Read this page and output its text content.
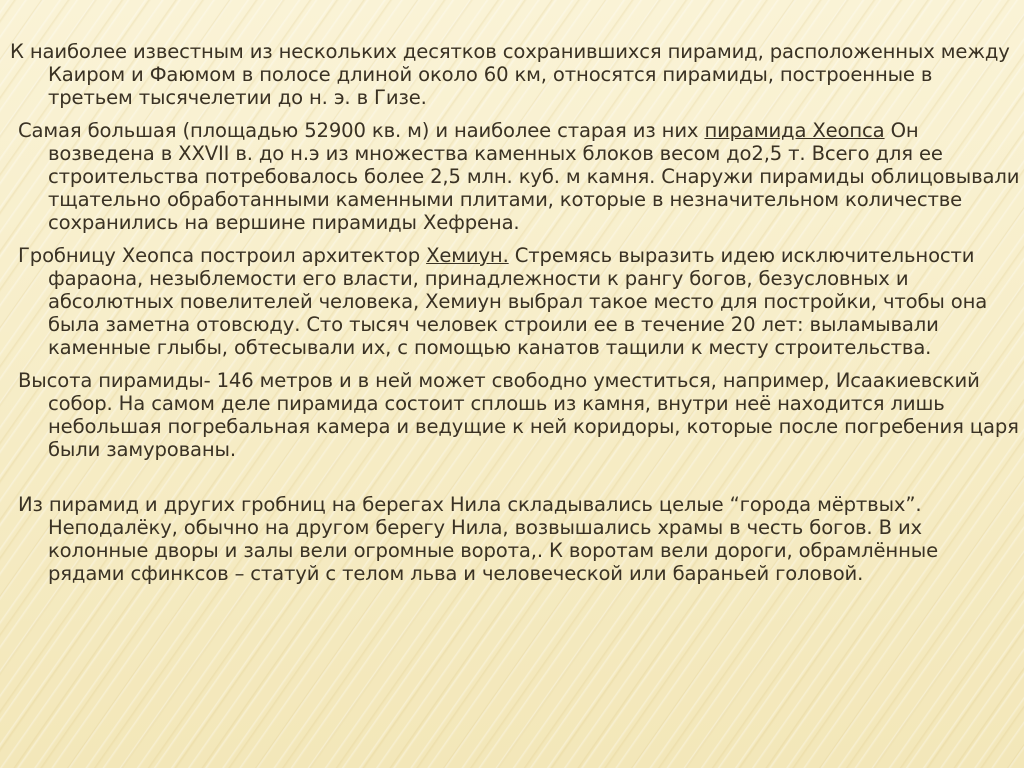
К наиболее известным из нескольких десятков сохранившихся пирамид, расположенных между Каиром и Фаюмом в полосе длиной около 60 км, относятся пирамиды, построенные в третьем тысячелетии до н. э. в Гизе.

Самая большая (площадью 52900 кв. м) и наиболее старая из них пирамида Хеопса Он возведена в XXVII в. до н.э из множества каменных блоков весом до2,5 т. Всего для ее строительства потребовалось более 2,5 млн. куб. м камня. Снаружи пирамиды облицовывали тщательно обработанными каменными плитами, которые в незначительном количестве сохранились на вершине пирамиды Хефрена.

Гробницу Хеопса построил архитектор Хемиун. Стремясь выразить идею исключительности фараона, незыблемости его власти, принадлежности к рангу богов, безусловных и абсолютных повелителей человека, Хемиун выбрал такое место для постройки, чтобы она была заметна отовсюду. Сто тысяч человек строили ее в течение 20 лет: выламывали каменные глыбы, обтесывали их, с помощью канатов тащили к месту строительства.

Высота пирамиды- 146 метров и в ней может свободно уместиться, например, Исаакиевский собор. На самом деле пирамида состоит сплошь из камня, внутри неё находится лишь небольшая погребальная камера и ведущие к ней коридоры, которые после погребения царя были замурованы.

Из пирамид и других гробниц на берегах Нила складывались целые “города мёртвых”. Неподалёку, обычно на другом берегу Нила, возвышались храмы в честь богов. В их колонные дворы и залы вели огромные ворота,. К воротам вели дороги, обрамлённые рядами сфинксов – статуй с телом льва и человеческой или бараньей головой.
